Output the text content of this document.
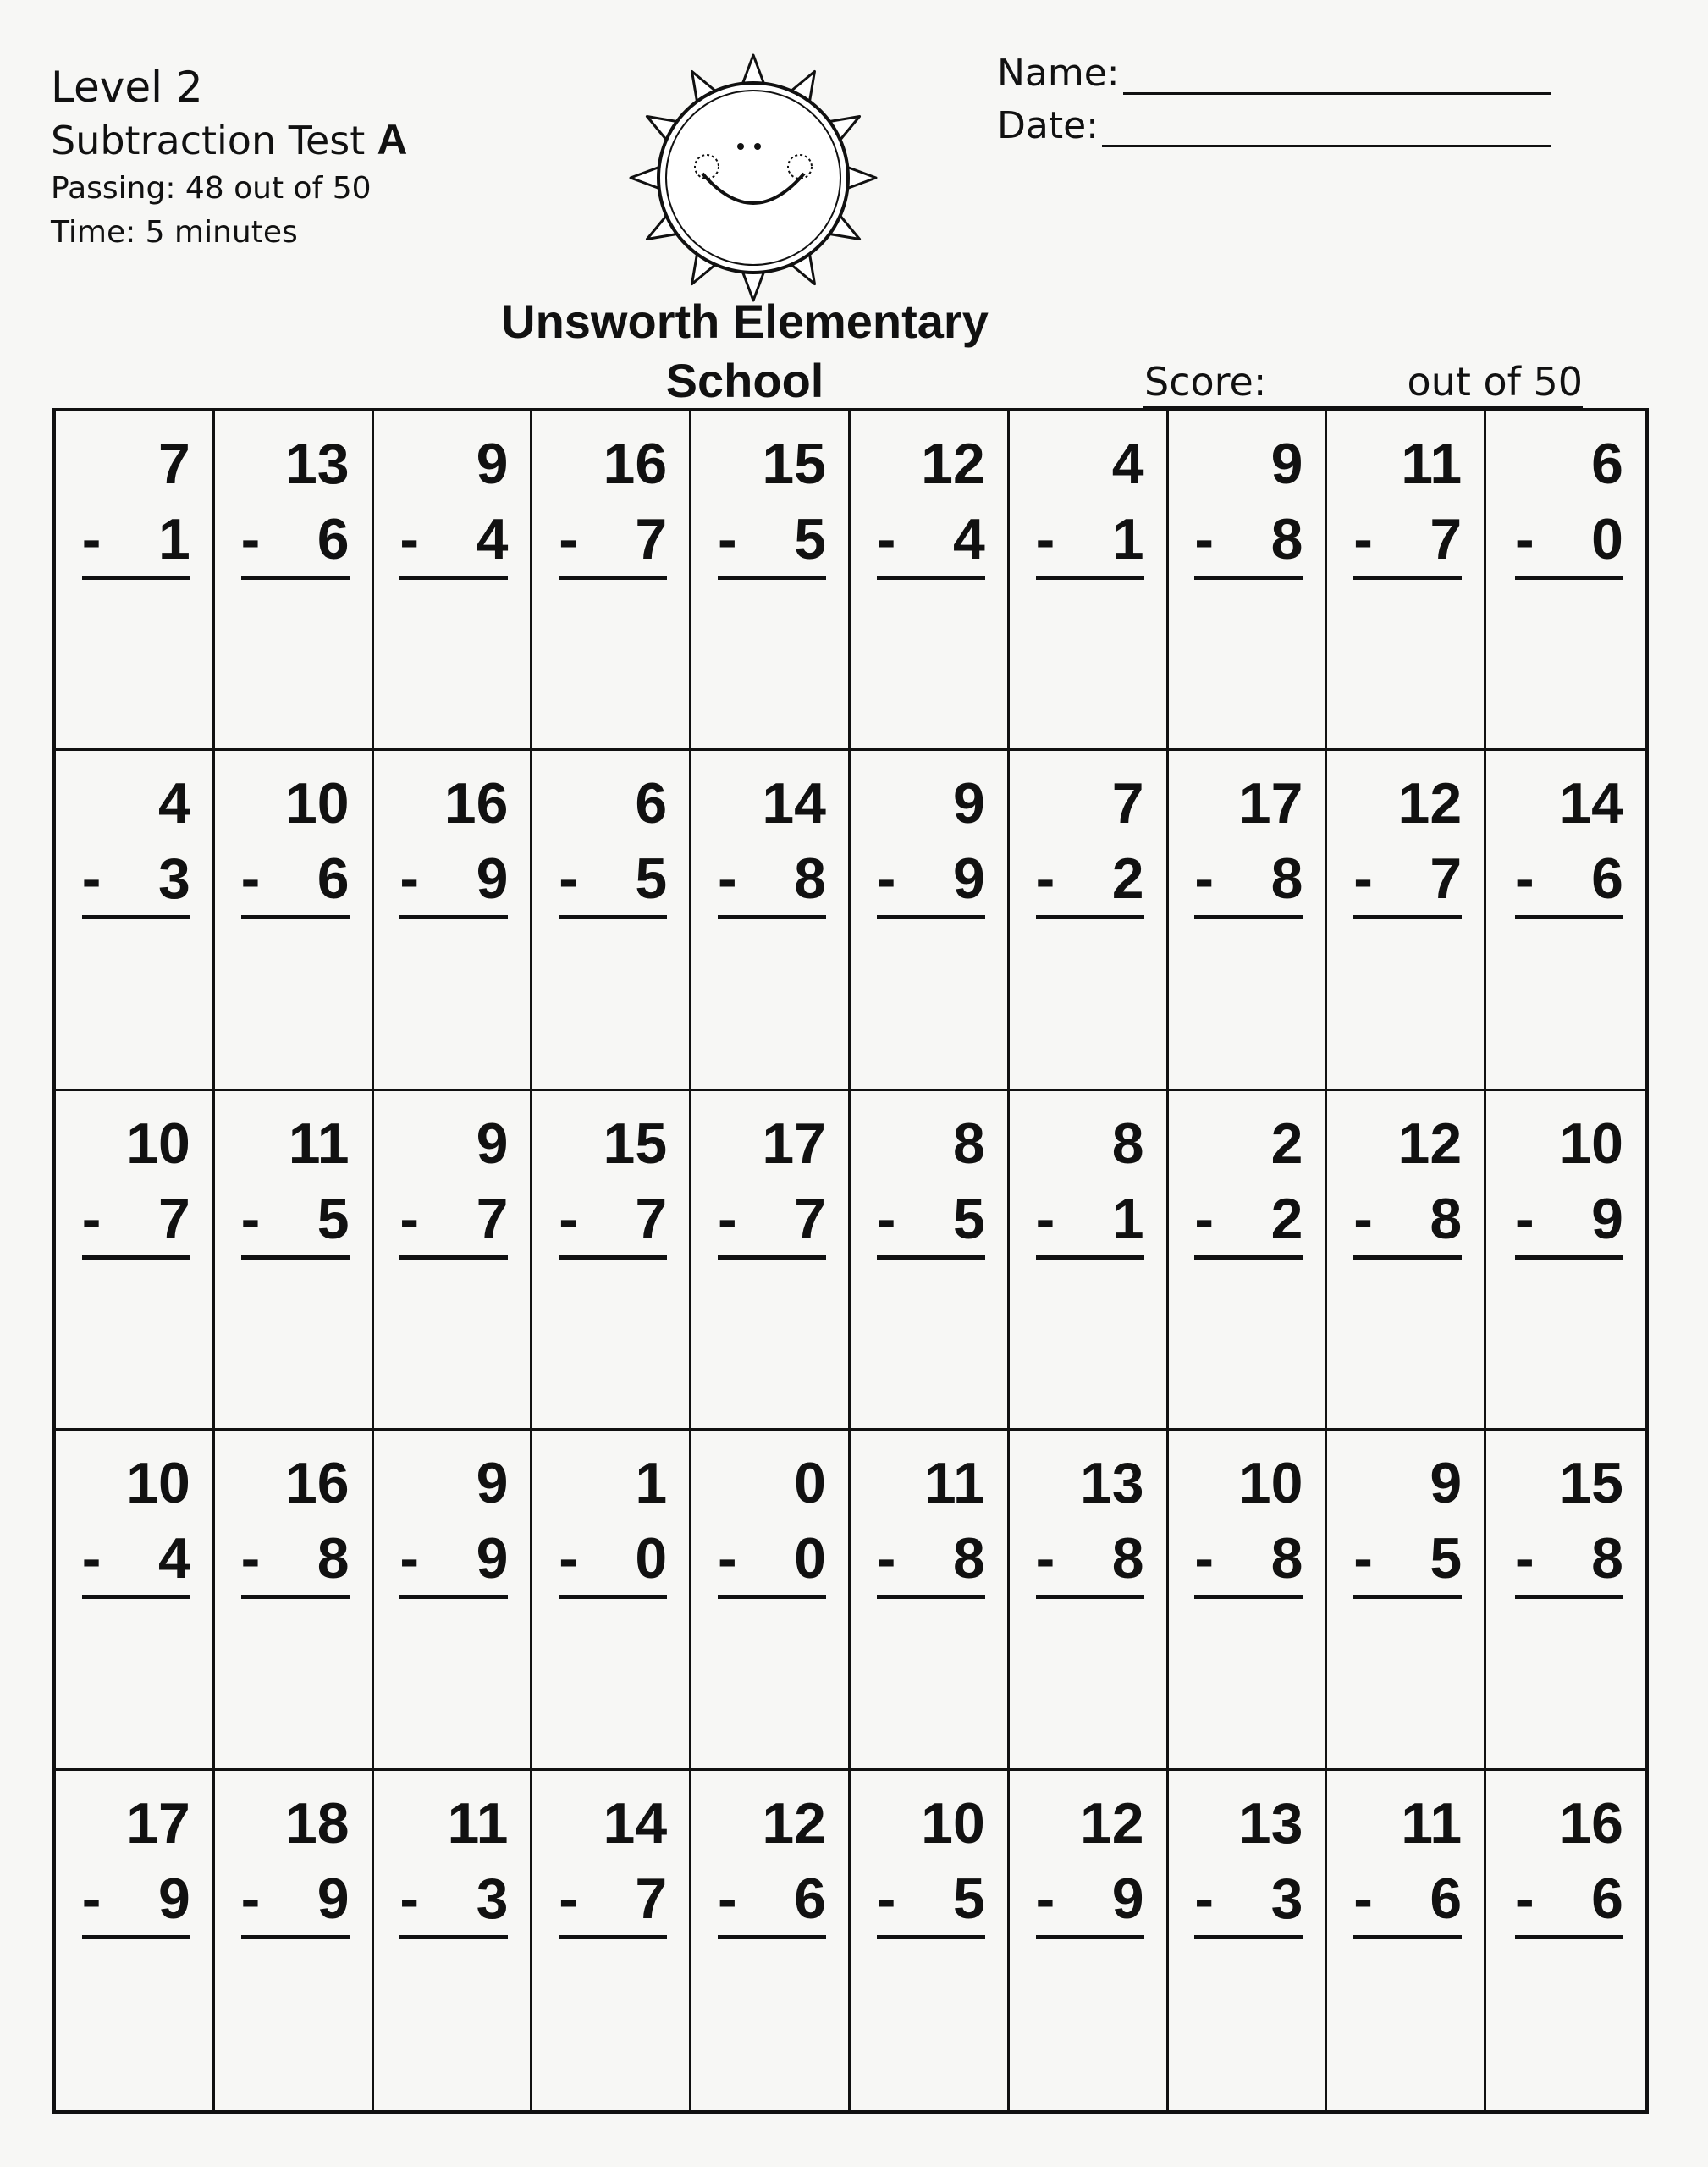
Level 2
Subtraction Test A
Passing: 48 out of 50
Time: 5 minutes
Unsworth Elementary
School
Name:
Date:
Score:	out of 50
7
- 1
13
- 6
9
- 4
16
- 7
15
- 5
12
- 4
4
- 1
9
- 8
11
- 7
6
- 0
4
- 3
10
- 6
16
- 9
6
- 5
14
- 8
9
- 9
7
- 2
17
- 8
12
- 7
14
- 6
10
- 7
11
- 5
9
- 7
15
- 7
17
- 7
8
- 5
8
- 1
2
- 2
12
- 8
10
- 9
10
- 4
16
- 8
9
- 9
1
- 0
0
- 0
11
- 8
13
- 8
10
- 8
9
- 5
15
- 8
17
- 9
18
- 9
11
- 3
14
- 7
12
- 6
10
- 5
12
- 9
13
- 3
11
- 6
16
- 6
